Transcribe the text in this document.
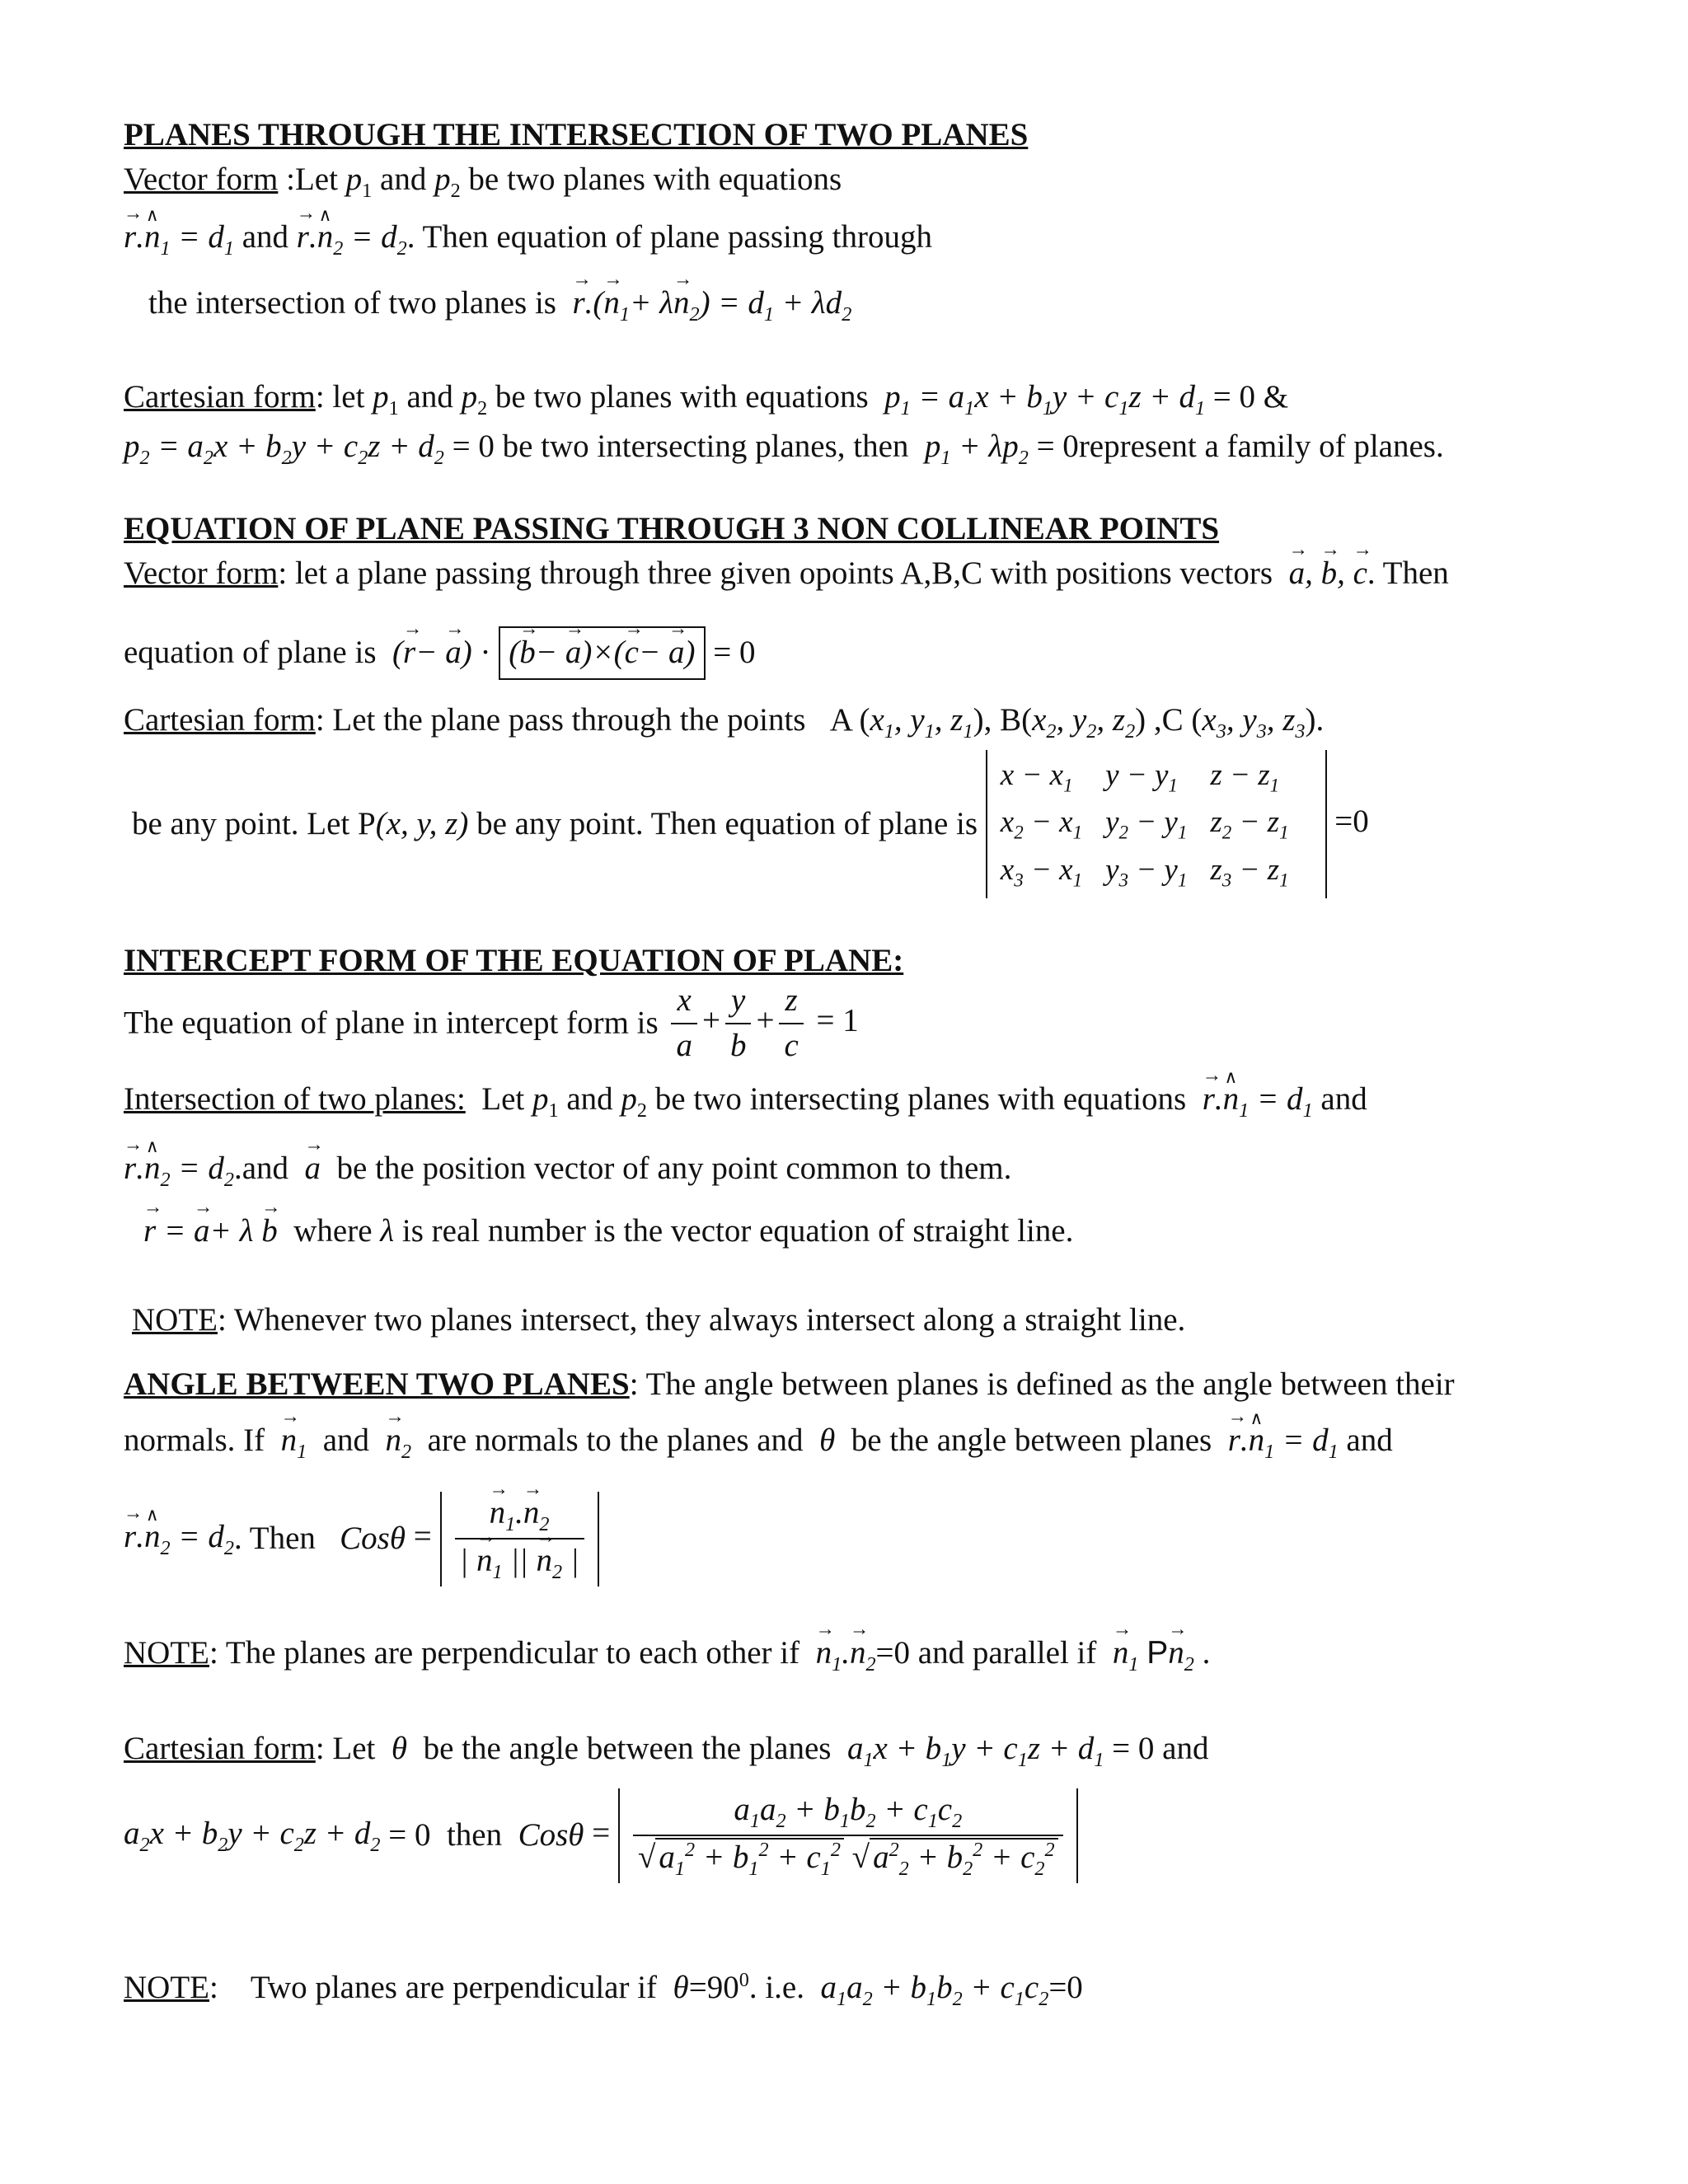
PLANES THROUGH THE INTERSECTION OF TWO PLANES
Vector form :Let $p_1$ and $p_2$ be two planes with equations
→ r.∧ $n_1 = d_1$ and → r.∧ $n_2 = d_2$. Then equation of plane passing through
the intersection of two planes is → $r.(\to n_1+ \lambda\to n_2) = d_1 + \lambda d_2$
Cartesian form: let $p_1$ and $p_2$ be two planes with equations $p_1 = a_1x + b_1y + c_1z + d_1 = 0$ &
$p_2 = a_2x + b_2y + c_2z + d_2 = 0$ be two intersecting planes, then $p_1 + \lambda p_2$ = 0represent a family of planes.
EQUATION OF PLANE PASSING THROUGH 3 NON COLLINEAR POINTS
Vector form: let a plane passing through three given opoints A,B,C with positions vectors → a, → b, → c. Then
equation of plane is (→ r− → a) · (→ b− → a)×(→ c− → a) = 0
Cartesian form: Let the plane pass through the points   A ($x_1$, $y_1$, $z_1$), $B(x_2$, $y_2$, $z_2$) ,C ($x_3$, $y_3$, $z_3$).
be any point. Let P(x, y, z) be any point. Then equation of plane is
$x - x_1$	$y - y_1$	$z - z_1$
$x_2 - x_1$	$y_2 - y_1$	$z_2 - z_1$
$x_3 - x_1$	$y_3 - y_1$	$z_3 - z_1$
=0
INTERCEPT FORM OF THE EQUATION OF PLANE:
The equation of plane in intercept form is $\frac{x}{a} + \frac{y}{b} + \frac{z}{c} = 1$
Intersection of two planes: Let $p_1$ and $p_2$ be two intersecting planes with equations → r.∧ $n_1 = d_1$ and
→ r.∧ $n_2 = d_2.and \to a$ be the position vector of any point common to them.
→ r = → a+ λ → b where λ is real number is the vector equation of straight line.
NOTE: Whenever two planes intersect, they always intersect along a straight line.
ANGLE BETWEEN TWO PLANES: The angle between planes is defined as the angle between their
normals. $If \to n_1$ and → $n_2$ are normals to the planes and θ be the angle between planes → r.∧ $n_1 = d_1$ and
→ r.∧ $n_2 = d_2$. Then Cosθ = → $\frac{n_1.\to n_2}{| \to n_1 || \to n_2 |}$
NOTE: The planes are perpendicular to each other if → $n_1.\to n_2=0$ and parallel if → $n_1$ $P\to n_2$ .
Cartesian form: Let θ be the angle between the planes $a_1x + b_1y + c_1z + d_1 = 0$ and
$a_2x + b_2y + c_2z + d_2 = 0$ then $Cos\theta = \frac{a_1a_2 + b_1b_2 + c_1c_2}{√ a_1^2 + b_1^2 + c_1^2 √ a^2_2 + b_2^2 + c_2^2}$
NOTE:    Two planes are perpendicular if $\theta=90^0$. i.e. $a_1a_2 + b_1b_2 + c_1c_2=0$
